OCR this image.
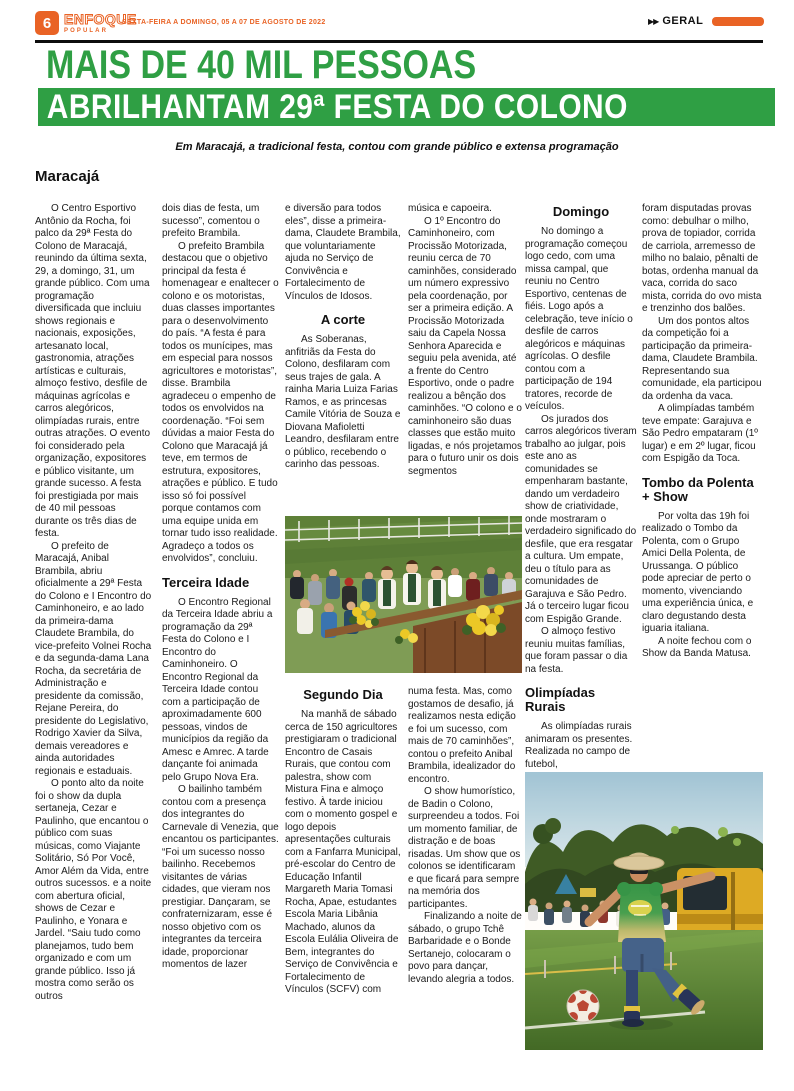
6 ENFOQUE
POPULAR
SEXTA-FEIRA A DOMINGO, 05 A 07 DE AGOSTO DE 2022	▶▶ GERAL
MAIS DE 40 MIL PESSOAS
ABRILHANTAM 29ª FESTA DO COLONO

Em Maracajá, a tradicional festa, contou com grande público e extensa programação

Maracajá

O Centro Esportivo Antônio da Rocha, foi palco da 29ª Festa do Colono de Maracajá, reunindo da última sexta, 29, a domingo, 31, um grande público. Com uma programação diversificada que incluiu shows regionais e nacionais, exposições, artesanato local, gastronomia, atrações artísticas e culturais, almoço festivo, desfile de máquinas agrícolas e carros alegóricos, olimpíadas rurais, entre outras atrações. O evento foi considerado pela organização, expositores e público visitante, um grande sucesso. A festa foi prestigiada por mais de 40 mil pessoas durante os três dias de festa.

O prefeito de Maracajá, Anibal Brambila, abriu oficialmente a 29ª Festa do Colono e I Encontro do Caminhoneiro, e ao lado da primeira-dama Claudete Brambila, do vice-prefeito Volnei Rocha e da segunda-dama Lana Rocha, da secretária de Administração e presidente da comissão, Rejane Pereira, do presidente do Legislativo, Rodrigo Xavier da Silva, demais vereadores e ainda autoridades regionais e estaduais.

O ponto alto da noite foi o show da dupla sertaneja, Cezar e Paulinho, que encantou o público com suas músicas, como Viajante Solitário, Só Por Você, Amor Além da Vida, entre outros sucessos. e a noite com abertura oficial, shows de Cezar e Paulinho, e Yonara e Jardel. “Saiu tudo como planejamos, tudo bem organizado e com um grande público. Isso já mostra como serão os outros

dois dias de festa, um sucesso”, comentou o prefeito Brambila.

O prefeito Brambila destacou que o objetivo principal da festa é homenagear e enaltecer o colono e os motoristas, duas classes importantes para o desenvolvimento do país. “A festa é para todos os munícipes, mas em especial para nossos agricultores e motoristas”, disse. Brambila agradeceu o empenho de todos os envolvidos na coordenação. “Foi sem dúvidas a maior Festa do Colono que Maracajá já teve, em termos de estrutura, expositores, atrações e público. E tudo isso só foi possível porque contamos com uma equipe unida em tornar tudo isso realidade. Agradeço a todos os envolvidos”, concluiu.

Terceira Idade

O Encontro Regional da Terceira Idade abriu a programação da 29ª Festa do Colono e I Encontro do Caminhoneiro. O Encontro Regional da Terceira Idade contou com a participação de aproximadamente 600 pessoas, vindos de municípios da região da Amesc e Amrec. A tarde dançante foi animada pelo Grupo Nova Era.

O bailinho também contou com a presença dos integrantes do Carnevale di Venezia, que encantou os participantes. “Foi um sucesso nosso bailinho. Recebemos visitantes de várias cidades, que vieram nos prestigiar. Dançaram, se confraternizaram, esse é nosso objetivo com os integrantes da terceira idade, proporcionar momentos de lazer

e diversão para todos eles”, disse a primeira-dama, Claudete Brambila, que voluntariamente ajuda no Serviço de Convivência e Fortalecimento de Vínculos de Idosos.

A corte

As Soberanas, anfitriãs da Festa do Colono, desfilaram com seus trajes de gala. A rainha Maria Luiza Farias Ramos, e as princesas Camile Vitória de Souza e Diovana Mafioletti Leandro, desfilaram entre o público, recebendo o carinho das pessoas.

Segundo Dia

Na manhã de sábado cerca de 150 agricultores prestigiaram o tradicional Encontro de Casais Rurais, que contou com palestra, show com Mistura Fina e almoço festivo. À tarde iniciou com o momento gospel e logo depois apresentações culturais com a Fanfarra Municipal, pré-escolar do Centro de Educação Infantil Margareth Maria Tomasi Rocha, Apae, estudantes Escola Maria Libânia Machado, alunos da Escola Eulália Oliveira de Bem, integrantes do Serviço de Convivência e Fortalecimento de Vínculos (SCFV) com

música e capoeira.

O 1º Encontro do Caminhoneiro, com Procissão Motorizada, reuniu cerca de 70 caminhões, considerado um número expressivo pela coordenação, por ser a primeira edição. A Procissão Motorizada saiu da Capela Nossa Senhora Aparecida e seguiu pela avenida, até a frente do Centro Esportivo, onde o padre realizou a bênção dos caminhões. “O colono e o caminhoneiro são duas classes que estão muito ligadas, e nós projetamos para o futuro unir os dois segmentos

numa festa. Mas, como gostamos de desafio, já realizamos nesta edição e foi um sucesso, com mais de 70 caminhões”, contou o prefeito Anibal Brambila, idealizador do encontro.

O show humorístico, de Badin o Colono, surpreendeu a todos. Foi um momento familiar, de distração e de boas risadas. Um show que os colonos se identificaram e que ficará para sempre na memória dos participantes.

Finalizando a noite de sábado, o grupo Tchê Barbaridade e o Bonde Sertanejo, colocaram o povo para dançar, levando alegria a todos.

Domingo

No domingo a programação começou logo cedo, com uma missa campal, que reuniu no Centro Esportivo, centenas de fiéis. Logo após a celebração, teve início o desfile de carros alegóricos e máquinas agrícolas. O desfile contou com a participação de 194 tratores, recorde de veículos.

Os jurados dos carros alegóricos tiveram trabalho ao julgar, pois este ano as comunidades se empenharam bastante, dando um verdadeiro show de criatividade, onde mostraram o verdadeiro significado do desfile, que era resgatar a cultura. Um empate, deu o título para as comunidades de Garajuva e São Pedro. Já o terceiro lugar ficou com Espigão Grande.

O almoço festivo reuniu muitas famílias, que foram passar o dia na festa.

Olimpíadas Rurais

As olimpíadas rurais animaram os presentes. Realizada no campo de futebol,

foram disputadas provas como: debulhar o milho, prova de topiador, corrida de carriola, arremesso de milho no balaio, pênalti de botas, ordenha manual da vaca, corrida do saco mista, corrida do ovo mista e trenzinho dos balões.

Um dos pontos altos da competição foi a participação da primeira-dama, Claudete Brambila. Representando sua comunidade, ela participou da ordenha da vaca.

A olimpíadas também teve empate: Garajuva e São Pedro empataram (1º lugar) e em 2º lugar, ficou com Espigão da Toca.

Tombo da Polenta + Show

Por volta das 19h foi realizado o Tombo da Polenta, com o Grupo Amici Della Polenta, de Urussanga. O público pode apreciar de perto o momento, vivenciando uma experiência única, e claro degustando desta iguaria italiana.

A noite fechou com o Show da Banda Matusa.
